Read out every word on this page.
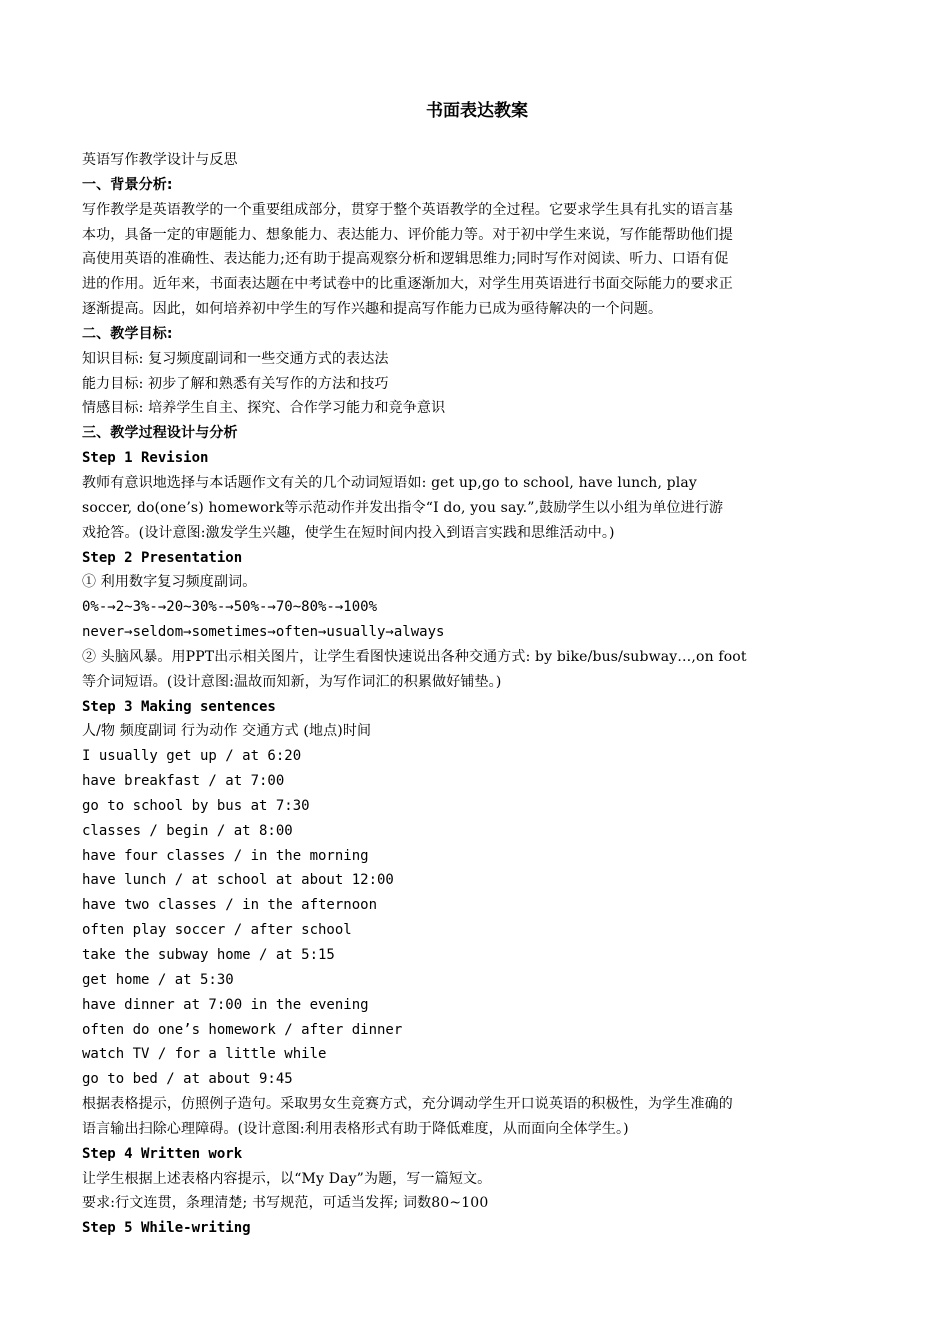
书面表达教案
英语写作教学设计与反思
一、背景分析:
写作教学是英语教学的一个重要组成部分，贯穿于整个英语教学的全过程。它要求学生具有扎实的语言基
本功，具备一定的审题能力、想象能力、表达能力、评价能力等。对于初中学生来说，写作能帮助他们提
高使用英语的准确性、表达能力;还有助于提高观察分析和逻辑思维力;同时写作对阅读、听力、口语有促
进的作用。近年来，书面表达题在中考试卷中的比重逐渐加大，对学生用英语进行书面交际能力的要求正
逐渐提高。因此，如何培养初中学生的写作兴趣和提高写作能力已成为亟待解决的一个问题。
二、教学目标:
知识目标: 复习频度副词和一些交通方式的表达法
能力目标: 初步了解和熟悉有关写作的方法和技巧
情感目标: 培养学生自主、探究、合作学习能力和竞争意识
三、教学过程设计与分析
Step 1 Revision
教师有意识地选择与本话题作文有关的几个动词短语如: get up,go to school, have lunch, play
soccer, do(one’s) homework等示范动作并发出指令“I do, you say.”,鼓励学生以小组为单位进行游
戏抢答。(设计意图:激发学生兴趣，使学生在短时间内投入到语言实践和思维活动中。)
Step 2 Presentation
① 利用数字复习频度副词。
0%-→2~3%-→20~30%-→50%-→70~80%-→100%
never→seldom→sometimes→often→usually→always
② 头脑风暴。用PPT出示相关图片，让学生看图快速说出各种交通方式: by bike/bus/subway…,on foot
等介词短语。(设计意图:温故而知新，为写作词汇的积累做好铺垫。)
Step 3 Making sentences
人/物 频度副词 行为动作 交通方式 (地点)时间
I usually get up / at 6:20
have breakfast / at 7:00
go to school by bus at 7:30
classes / begin / at 8:00
have four classes / in the morning
have lunch / at school at about 12:00
have two classes / in the afternoon
often play soccer / after school
take the subway home / at 5:15
get home / at 5:30
have dinner at 7:00 in the evening
often do one’s homework / after dinner
watch TV / for a little while
go to bed / at about 9:45
根据表格提示，仿照例子造句。采取男女生竞赛方式，充分调动学生开口说英语的积极性，为学生准确的
语言输出扫除心理障碍。(设计意图:利用表格形式有助于降低难度，从而面向全体学生。)
Step 4 Written work
让学生根据上述表格内容提示，以“My Day”为题，写一篇短文。
要求:行文连贯，条理清楚; 书写规范，可适当发挥; 词数80~100
Step 5 While-writing
